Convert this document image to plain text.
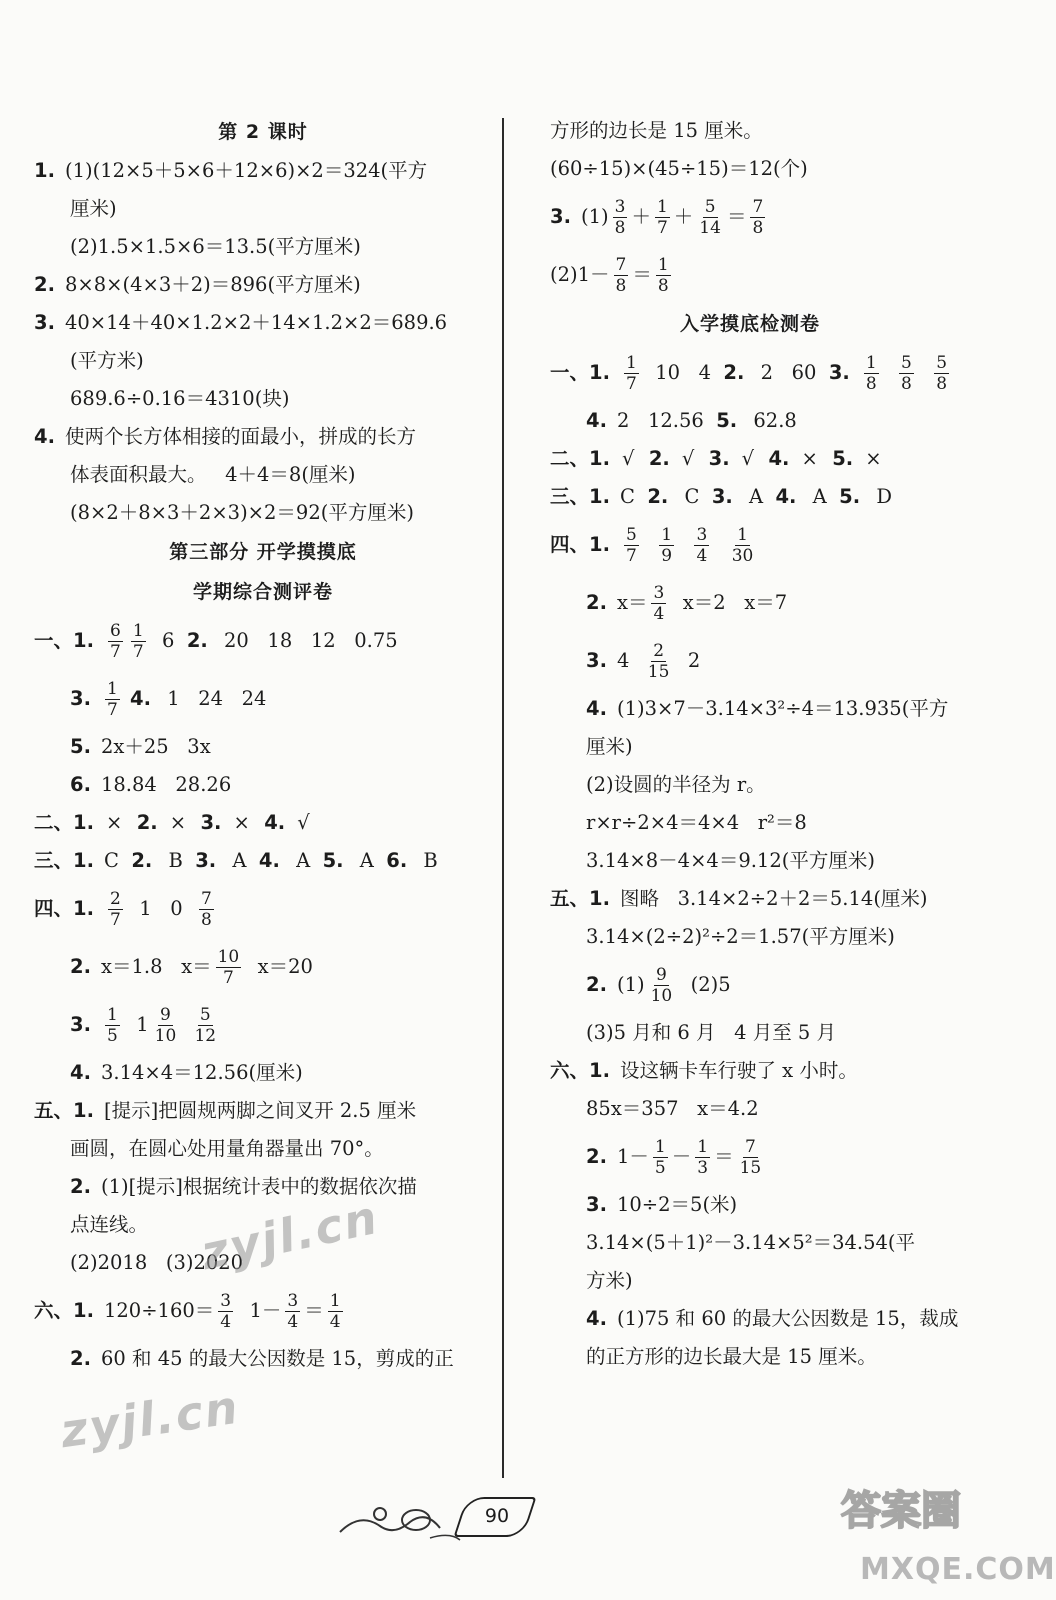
第 2 课时
1. (1)(12×5＋5×6＋12×6)×2＝324(平方
厘米)
(2)1.5×1.5×6＝13.5(平方厘米)
2. 8×8×(4×3＋2)＝896(平方厘米)
3. 40×14＋40×1.2×2＋14×1.2×2＝689.6
(平方米)
689.6÷0.16＝4310(块)
4. 使两个长方体相接的面最小，拼成的长方
体表面积最大。   4＋4＝8(厘米)
(8×2＋8×3＋2×3)×2＝92(平方厘米)
第三部分 开学摸摸底
学期综合测评卷
一、1. $\frac{6}{7} \frac{1}{7} 6$ 2. 20   18   12   0.75
3. $\frac{1}{7}$
4. 1   24   24
5. 2x＋25   3x
6. 18.84   28.26
二、1. ×
2. ×
3. ×
4. √
三、1. C 2. B 3. A 4. A 5. A 6. B
四、1. $\frac{2}{7} 1$   $0 \frac{7}{8}$
2. x＝1.8   $x= \frac{10}{7} x=20$
3. $\frac{1}{5} 1 \frac{9}{10}$
$\frac{5}{12}$
4. 3.14×4＝12.56(厘米)
五、1. [提示]把圆规两脚之间叉开 2.5 厘米
画圆，在圆心处用量角器量出 70°。
2. (1)[提示]根据统计表中的数据依次描
点连线。
(2)2018   (3)2020
六、1. $120\div 160= \frac{3}{4} 1- \frac{3}{4} = \frac{1}{4}$
2. 60 和 45 的最大公因数是 15，剪成的正
方形的边长是 15 厘米。
(60÷15)×(45÷15)＝12(个)
3. $(1) \frac{3}{8} + \frac{1}{7} + \frac{5}{14} = \frac{7}{8}$
$(2)1- \frac{7}{8} = \frac{1}{8}$
入学摸底检测卷
一、1. $\frac{1}{7} 10$   4 2. 2   60 3. $\frac{1}{8}$
$\frac{5}{8}$
$\frac{5}{8}$
4. 2   12.56 5. 62.8
二、1. √
2. √
3. √
4. ×
5. ×
三、1. C 2. C 3. A 4. A 5. D
四、1. $\frac{5}{7}$
$\frac{1}{9}$
$\frac{3}{4}$
$\frac{1}{30}$
2. $x= \frac{3}{4} x=2$   x＝7
3. $4 \frac{2}{15} 2$
4. (1)3×7－3.14×3²÷4＝13.935(平方
厘米)
(2)设圆的半径为 r。
r×r÷2×4＝4×4   r²＝8
3.14×8－4×4＝9.12(平方厘米)
五、1. 图略   3.14×2÷2＋2＝5.14(厘米)
3.14×(2÷2)²÷2＝1.57(平方厘米)
2. $(1) \frac{9}{10} (2)5$
(3)5 月和 6 月   4 月至 5 月
六、1. 设这辆卡车行驶了 x 小时。
85x＝357   x＝4.2
2. $1- \frac{1}{5} - \frac{1}{3} = \frac{7}{15}$
3. 10÷2＝5(米)
3.14×(5＋1)²－3.14×5²＝34.54(平
方米)
4. (1)75 和 60 的最大公因数是 15，裁成
的正方形的边长最大是 15 厘米。
90
zyjl.cn
zyjl.cn
答案圈
MXQE.COM
